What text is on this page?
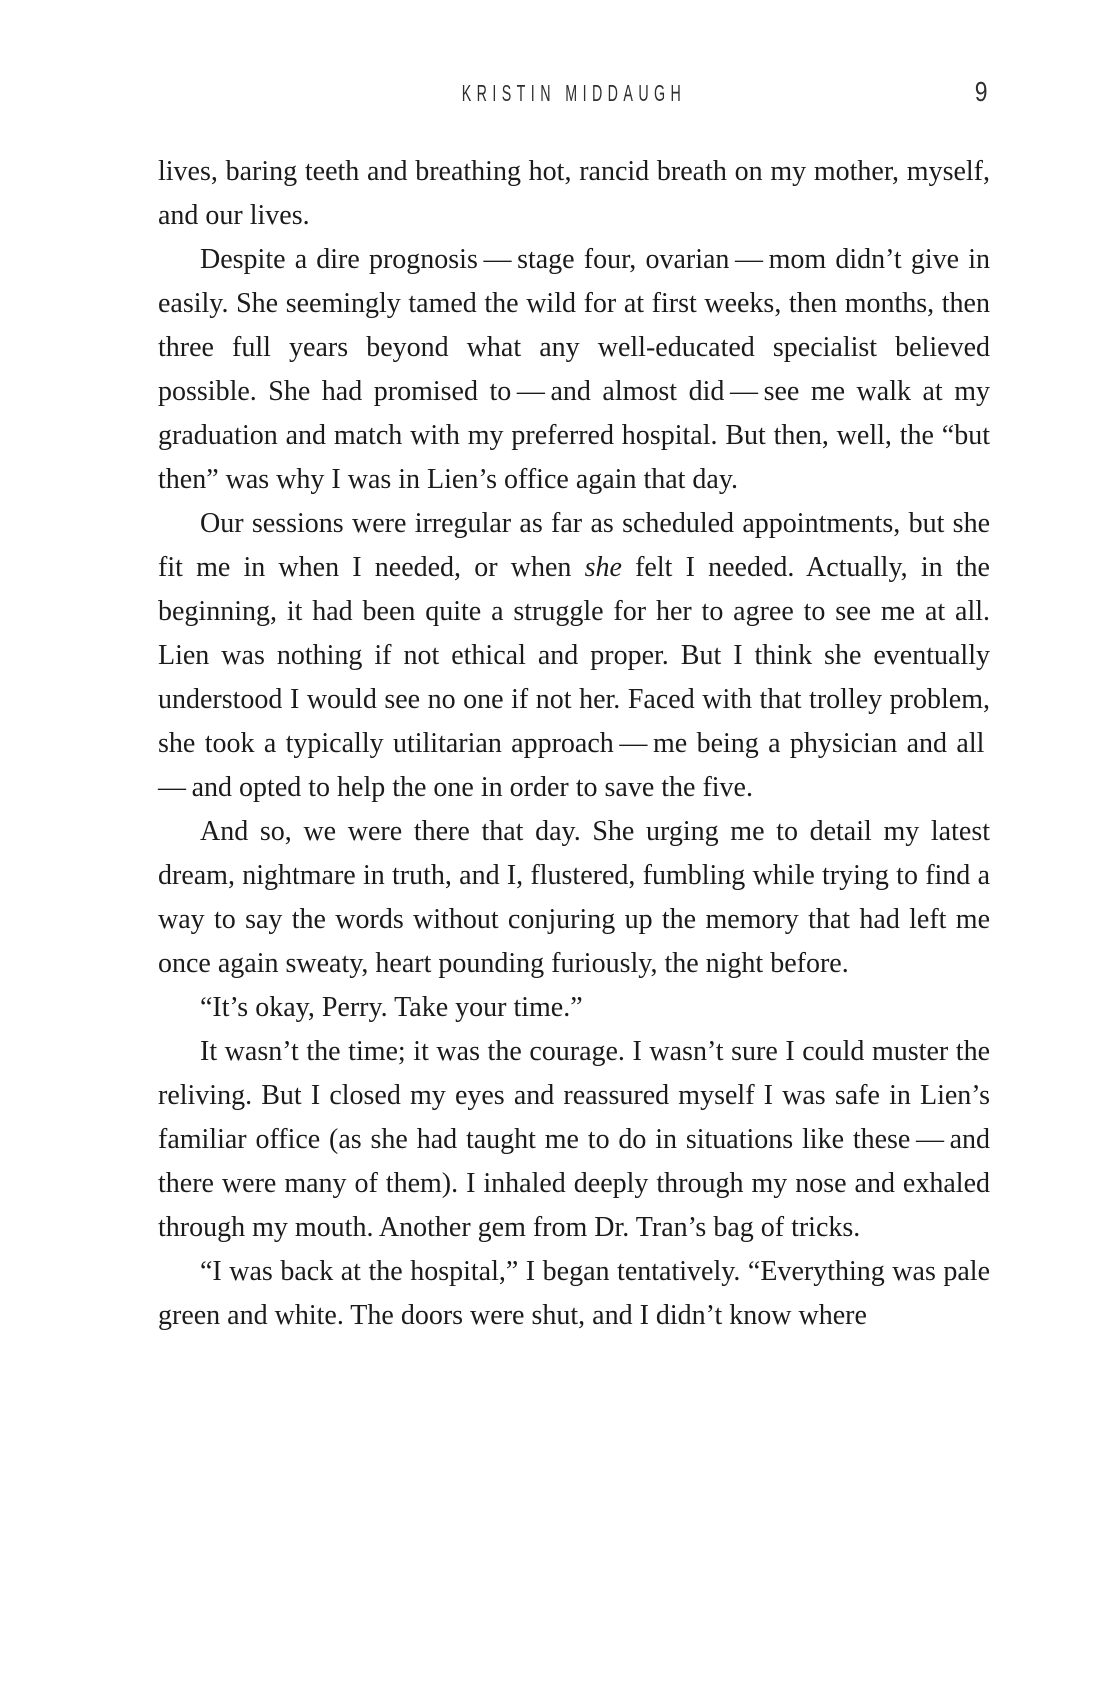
KRISTIN MIDDAUGH	9

lives, baring teeth and breathing hot, rancid breath on my mother, myself, and our lives.

Despite a dire prognosis — stage four, ovarian — mom didn’t give in easily. She seemingly tamed the wild for at first weeks, then months, then three full years beyond what any well-educated specialist believed possible. She had promised to — and almost did — see me walk at my graduation and match with my preferred hospital. But then, well, the “but then” was why I was in Lien’s office again that day.

Our sessions were irregular as far as scheduled appointments, but she fit me in when I needed, or when she felt I needed. Actually, in the beginning, it had been quite a struggle for her to agree to see me at all. Lien was nothing if not ethical and proper. But I think she eventually understood I would see no one if not her. Faced with that trolley problem, she took a typically utilitarian approach — me being a physician and all — and opted to help the one in order to save the five.

And so, we were there that day. She urging me to detail my latest dream, nightmare in truth, and I, flustered, fumbling while trying to find a way to say the words without conjuring up the memory that had left me once again sweaty, heart pounding furiously, the night before.

“It’s okay, Perry. Take your time.”

It wasn’t the time; it was the courage. I wasn’t sure I could muster the reliving. But I closed my eyes and reassured myself I was safe in Lien’s familiar office (as she had taught me to do in situations like these — and there were many of them). I inhaled deeply through my nose and exhaled through my mouth. Another gem from Dr. Tran’s bag of tricks.

“I was back at the hospital,” I began tentatively. “Everything was pale green and white. The doors were shut, and I didn’t know where
